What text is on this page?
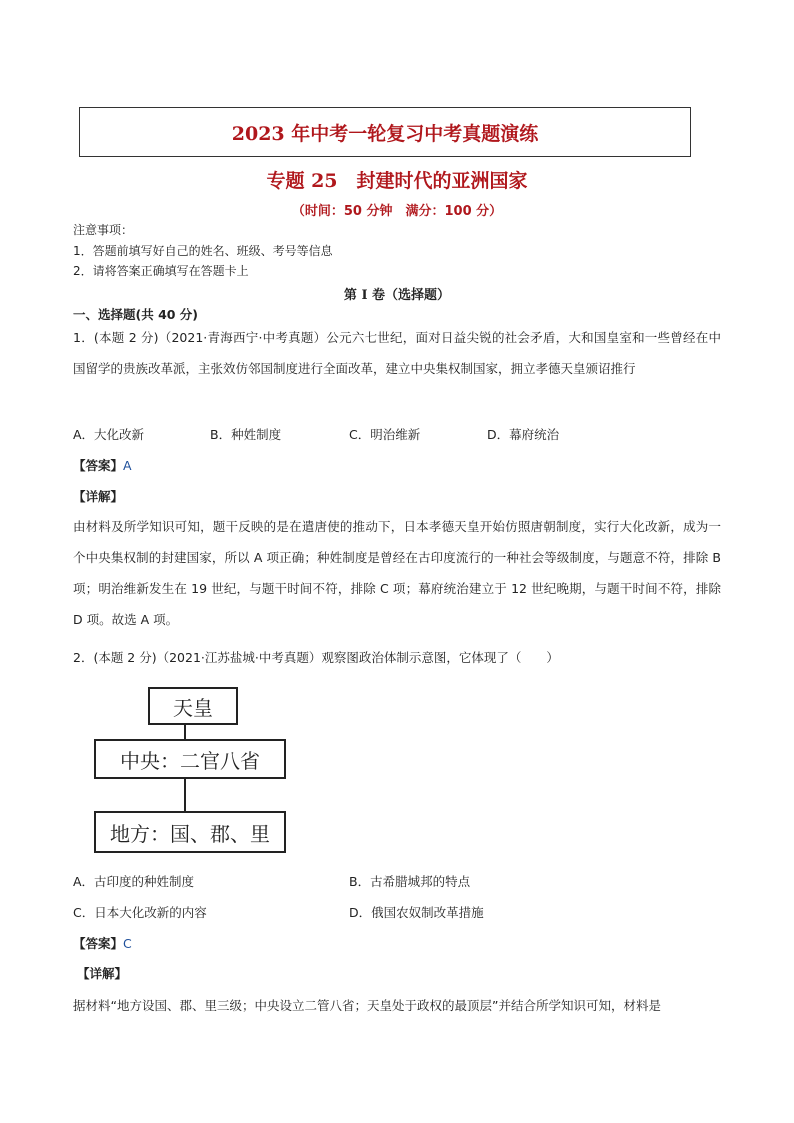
2023 年中考一轮复习中考真题演练
专题 25　封建时代的亚洲国家
（时间：50 分钟　满分：100 分）
注意事项：
1．答题前填写好自己的姓名、班级、考号等信息
2．请将答案正确填写在答题卡上
第 I 卷（选择题）
一、选择题(共 40 分)
1．(本题 2 分)（2021·青海西宁·中考真题）公元六七世纪，面对日益尖锐的社会矛盾，大和国皇室和一些曾经在中国留学的贵族改革派，主张效仿邻国制度进行全面改革，建立中央集权制国家，拥立孝德天皇颁诏推行
A．大化改新	B．种姓制度	C．明治维新	D．幕府统治
【答案】A
【详解】
由材料及所学知识可知，题干反映的是在遣唐使的推动下，日本孝德天皇开始仿照唐朝制度，实行大化改新，成为一个中央集权制的封建国家，所以 A 项正确；种姓制度是曾经在古印度流行的一种社会等级制度，与题意不符，排除 B 项；明治维新发生在 19 世纪，与题干时间不符，排除 C 项；幕府统治建立于 12 世纪晚期，与题干时间不符，排除 D 项。故选 A 项。
2．(本题 2 分)（2021·江苏盐城·中考真题）观察图政治体制示意图，它体现了（　　）
天皇
中央：二官八省
地方：国、郡、里
A．古印度的种姓制度	B．古希腊城邦的特点
C．日本大化改新的内容	D．俄国农奴制改革措施
【答案】C
【详解】
据材料“地方设国、郡、里三级；中央设立二管八省；天皇处于政权的最顶层”并结合所学知识可知，材料是
